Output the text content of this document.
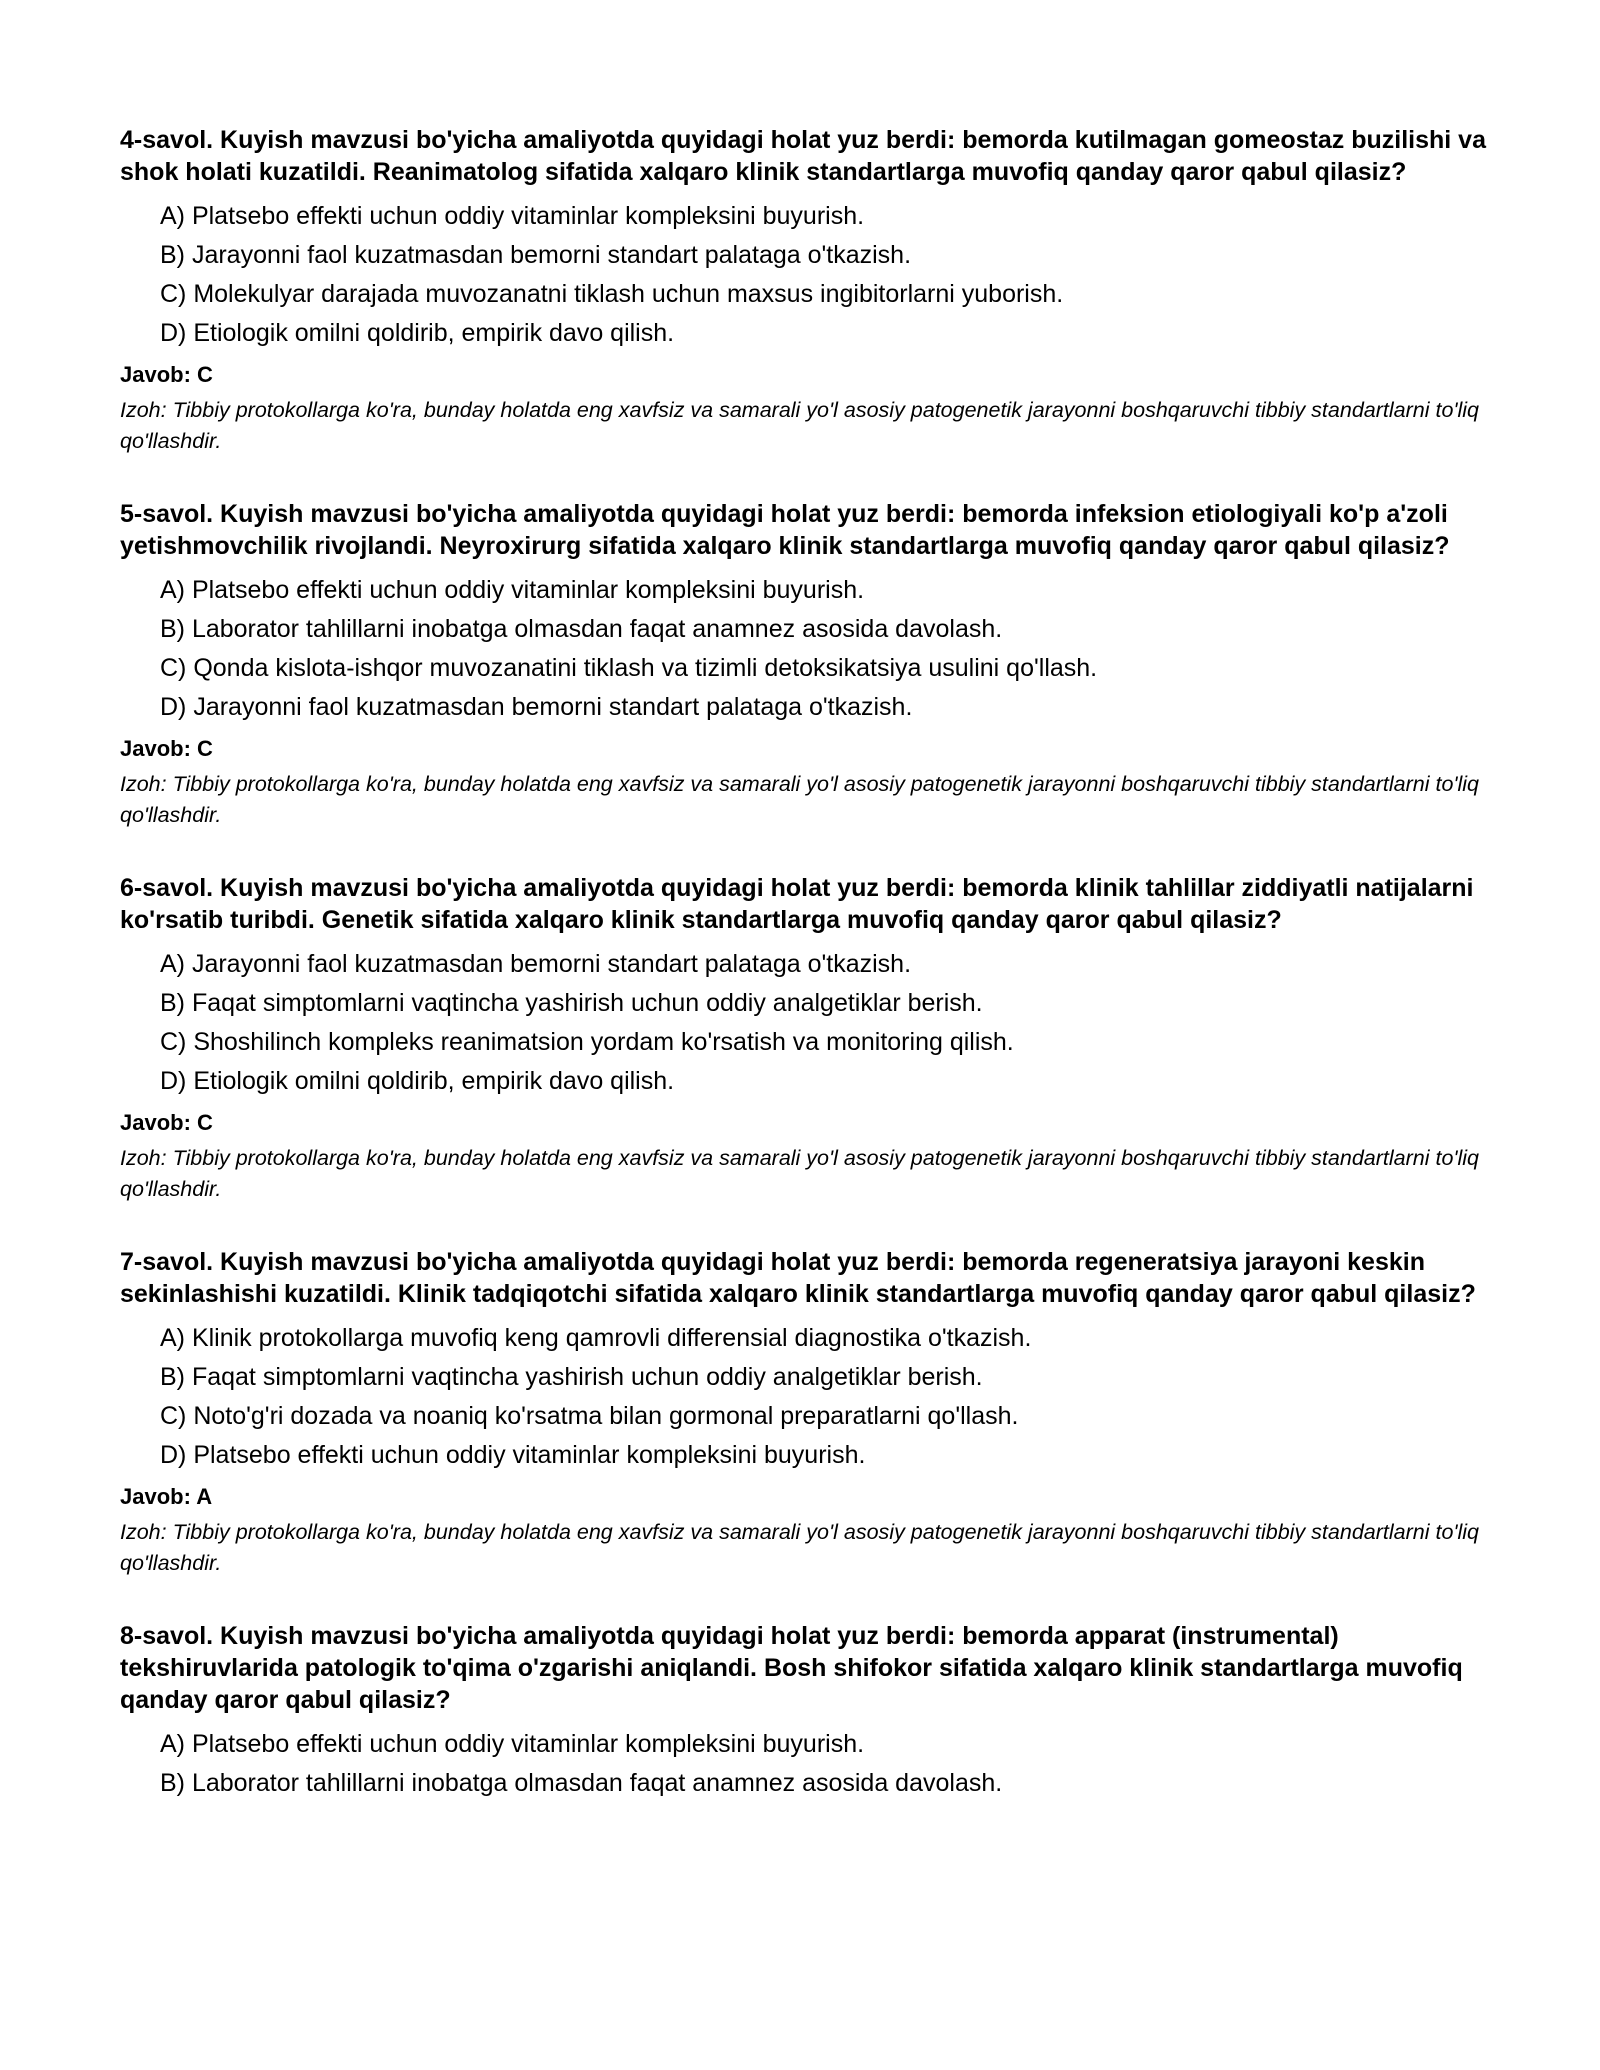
4-savol. Kuyish mavzusi bo'yicha amaliyotda quyidagi holat yuz berdi: bemorda kutilmagan gomeostaz buzilishi va shok holati kuzatildi. Reanimatolog sifatida xalqaro klinik standartlarga muvofiq qanday qaror qabul qilasiz?

A) Platsebo effekti uchun oddiy vitaminlar kompleksini buyurish.
B) Jarayonni faol kuzatmasdan bemorni standart palataga o'tkazish.
C) Molekulyar darajada muvozanatni tiklash uchun maxsus ingibitorlarni yuborish.
D) Etiologik omilni qoldirib, empirik davo qilish.

Javob: C

Izoh: Tibbiy protokollarga ko'ra, bunday holatda eng xavfsiz va samarali yo'l asosiy patogenetik jarayonni boshqaruvchi tibbiy standartlarni to'liq qo'llashdir.

5-savol. Kuyish mavzusi bo'yicha amaliyotda quyidagi holat yuz berdi: bemorda infeksion etiologiyali ko'p a'zoli yetishmovchilik rivojlandi. Neyroxirurg sifatida xalqaro klinik standartlarga muvofiq qanday qaror qabul qilasiz?

A) Platsebo effekti uchun oddiy vitaminlar kompleksini buyurish.
B) Laborator tahlillarni inobatga olmasdan faqat anamnez asosida davolash.
C) Qonda kislota-ishqor muvozanatini tiklash va tizimli detoksikatsiya usulini qo'llash.
D) Jarayonni faol kuzatmasdan bemorni standart palataga o'tkazish.

Javob: C

Izoh: Tibbiy protokollarga ko'ra, bunday holatda eng xavfsiz va samarali yo'l asosiy patogenetik jarayonni boshqaruvchi tibbiy standartlarni to'liq qo'llashdir.

6-savol. Kuyish mavzusi bo'yicha amaliyotda quyidagi holat yuz berdi: bemorda klinik tahlillar ziddiyatli natijalarni ko'rsatib turibdi. Genetik sifatida xalqaro klinik standartlarga muvofiq qanday qaror qabul qilasiz?

A) Jarayonni faol kuzatmasdan bemorni standart palataga o'tkazish.
B) Faqat simptomlarni vaqtincha yashirish uchun oddiy analgetiklar berish.
C) Shoshilinch kompleks reanimatsion yordam ko'rsatish va monitoring qilish.
D) Etiologik omilni qoldirib, empirik davo qilish.

Javob: C

Izoh: Tibbiy protokollarga ko'ra, bunday holatda eng xavfsiz va samarali yo'l asosiy patogenetik jarayonni boshqaruvchi tibbiy standartlarni to'liq qo'llashdir.

7-savol. Kuyish mavzusi bo'yicha amaliyotda quyidagi holat yuz berdi: bemorda regeneratsiya jarayoni keskin sekinlashishi kuzatildi. Klinik tadqiqotchi sifatida xalqaro klinik standartlarga muvofiq qanday qaror qabul qilasiz?

A) Klinik protokollarga muvofiq keng qamrovli differensial diagnostika o'tkazish.
B) Faqat simptomlarni vaqtincha yashirish uchun oddiy analgetiklar berish.
C) Noto'g'ri dozada va noaniq ko'rsatma bilan gormonal preparatlarni qo'llash.
D) Platsebo effekti uchun oddiy vitaminlar kompleksini buyurish.

Javob: A

Izoh: Tibbiy protokollarga ko'ra, bunday holatda eng xavfsiz va samarali yo'l asosiy patogenetik jarayonni boshqaruvchi tibbiy standartlarni to'liq qo'llashdir.

8-savol. Kuyish mavzusi bo'yicha amaliyotda quyidagi holat yuz berdi: bemorda apparat (instrumental) tekshiruvlarida patologik to'qima o'zgarishi aniqlandi. Bosh shifokor sifatida xalqaro klinik standartlarga muvofiq qanday qaror qabul qilasiz?

A) Platsebo effekti uchun oddiy vitaminlar kompleksini buyurish.
B) Laborator tahlillarni inobatga olmasdan faqat anamnez asosida davolash.
